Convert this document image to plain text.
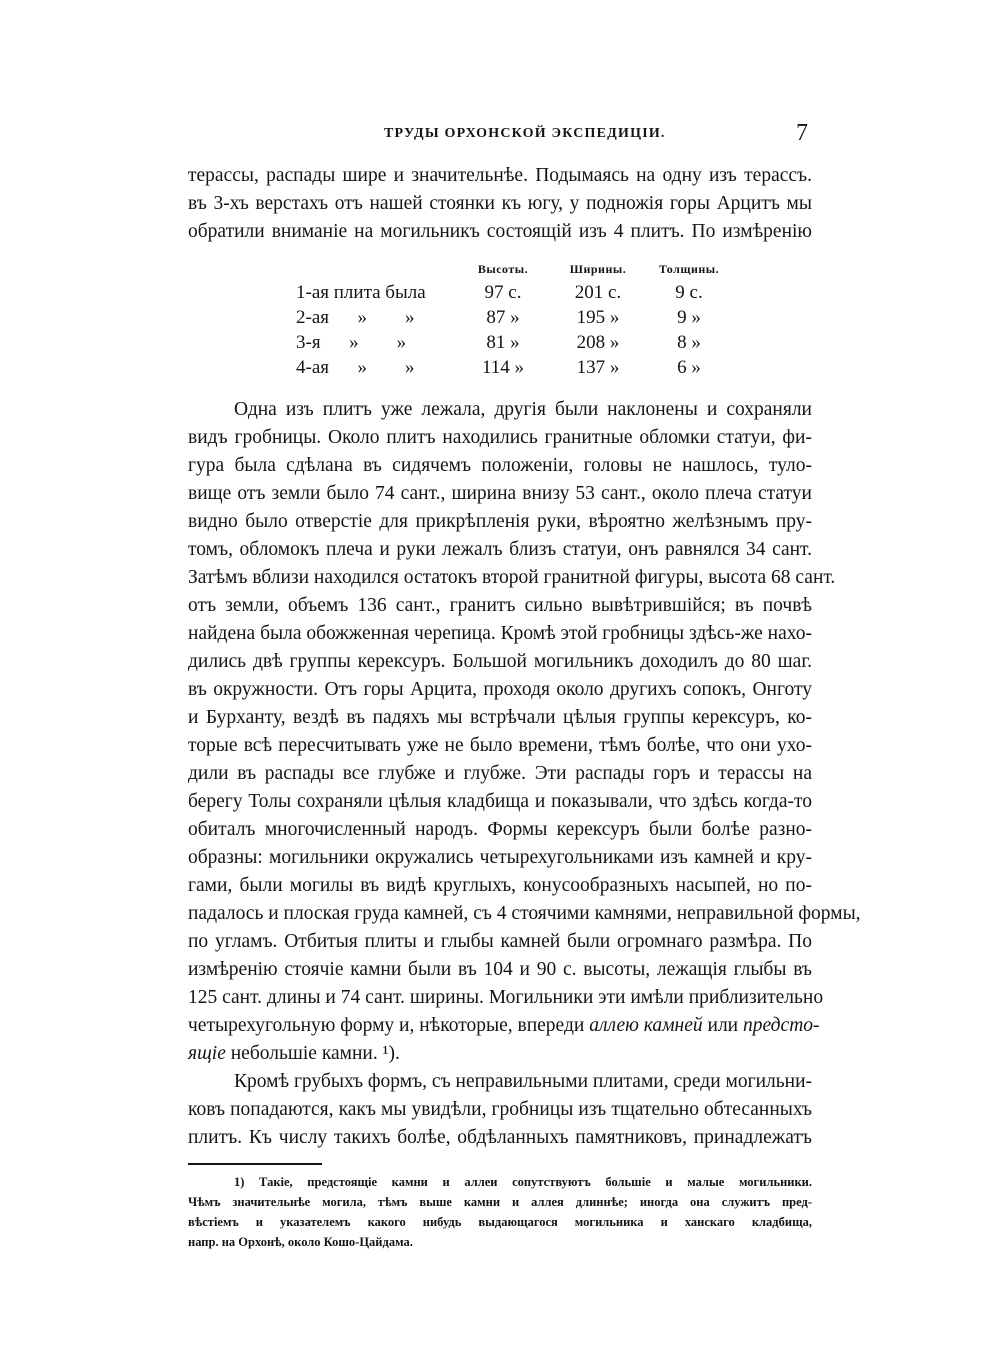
ТРУДЫ ОРХОНСКОЙ ЭКСПЕДИЦІИ.	7
терассы, распады шире и значительнѣе. Подымаясь на одну изъ терассъ.
въ 3-хъ верстахъ отъ нашей стоянки къ югу, у подножія горы Арцитъ мы
обратили вниманіе на могильникъ состоящій изъ 4 плитъ. По измѣренію
	Высоты.	Ширины.	Толщины.
1-ая плита была	97 с.	201 с.	9 с.
2-ая      »        »	87 »	195 »	9 »
3-я      »        »	81 »	208 »	8 »
4-ая      »        »	114 »	137 »	6 »
Одна изъ плитъ уже лежала, другія были наклонены и сохраняли
видъ гробницы. Около плитъ находились гранитные обломки статуи, фи-
гура была сдѣлана въ сидячемъ положеніи, головы не нашлось, туло-
вище отъ земли было 74 сант., ширина внизу 53 сант., около плеча статуи
видно было отверстіе для прикрѣпленія руки, вѣроятно желѣзнымъ пру-
томъ, обломокъ плеча и руки лежалъ близъ статуи, онъ равнялся 34 сант.
Затѣмъ вблизи находился остатокъ второй гранитной фигуры, высота 68 сант.
отъ земли, объемъ 136 сант., гранитъ сильно вывѣтрившійся; въ почвѣ
найдена была обожженная черепица. Кромѣ этой гробницы здѣсь-же нахо-
дились двѣ группы керексуръ. Большой могильникъ доходилъ до 80 шаг.
въ окружности. Отъ горы Арцита, проходя около другихъ сопокъ, Онготу
и Бурханту, вездѣ въ падяхъ мы встрѣчали цѣлыя группы керексуръ, ко-
торые всѣ пересчитывать уже не было времени, тѣмъ болѣе, что они ухо-
дили въ распады все глубже и глубже. Эти распады горъ и терассы на
берегу Толы сохраняли цѣлыя кладбища и показывали, что здѣсь когда-то
обиталъ многочисленный народъ. Формы керексуръ были болѣе разно-
образны: могильники окружались четырехугольниками изъ камней и кру-
гами, были могилы въ видѣ круглыхъ, конусообразныхъ насыпей, но по-
падалось и плоская груда камней, съ 4 стоячими камнями, неправильной формы,
по угламъ. Отбитыя плиты и глыбы камней были огромнаго размѣра. По
измѣренію стоячіе камни были въ 104 и 90 с. высоты, лежащія глыбы въ
125 сант. длины и 74 сант. ширины. Могильники эти имѣли приблизительно
четырехугольную форму и, нѣкоторые, впереди аллею камней или предсто-
ящіе небольшіе камни. ¹).
Кромѣ грубыхъ формъ, съ неправильными плитами, среди могильни-
ковъ попадаются, какъ мы увидѣли, гробницы изъ тщательно обтесанныхъ
плитъ. Къ числу такихъ болѣе, обдѣланныхъ памятниковъ, принадлежатъ
1) Такіе, предстоящіе камни и аллеи сопутствуютъ большіе и малые могильники.
Чѣмъ значительнѣе могила, тѣмъ выше камни и аллея длиннѣе; иногда она служитъ пред-
вѣстіемъ и указателемъ какого нибудь выдающагося могильника и ханскаго кладбища,
напр. на Орхонѣ, около Кошо-Цайдама.
